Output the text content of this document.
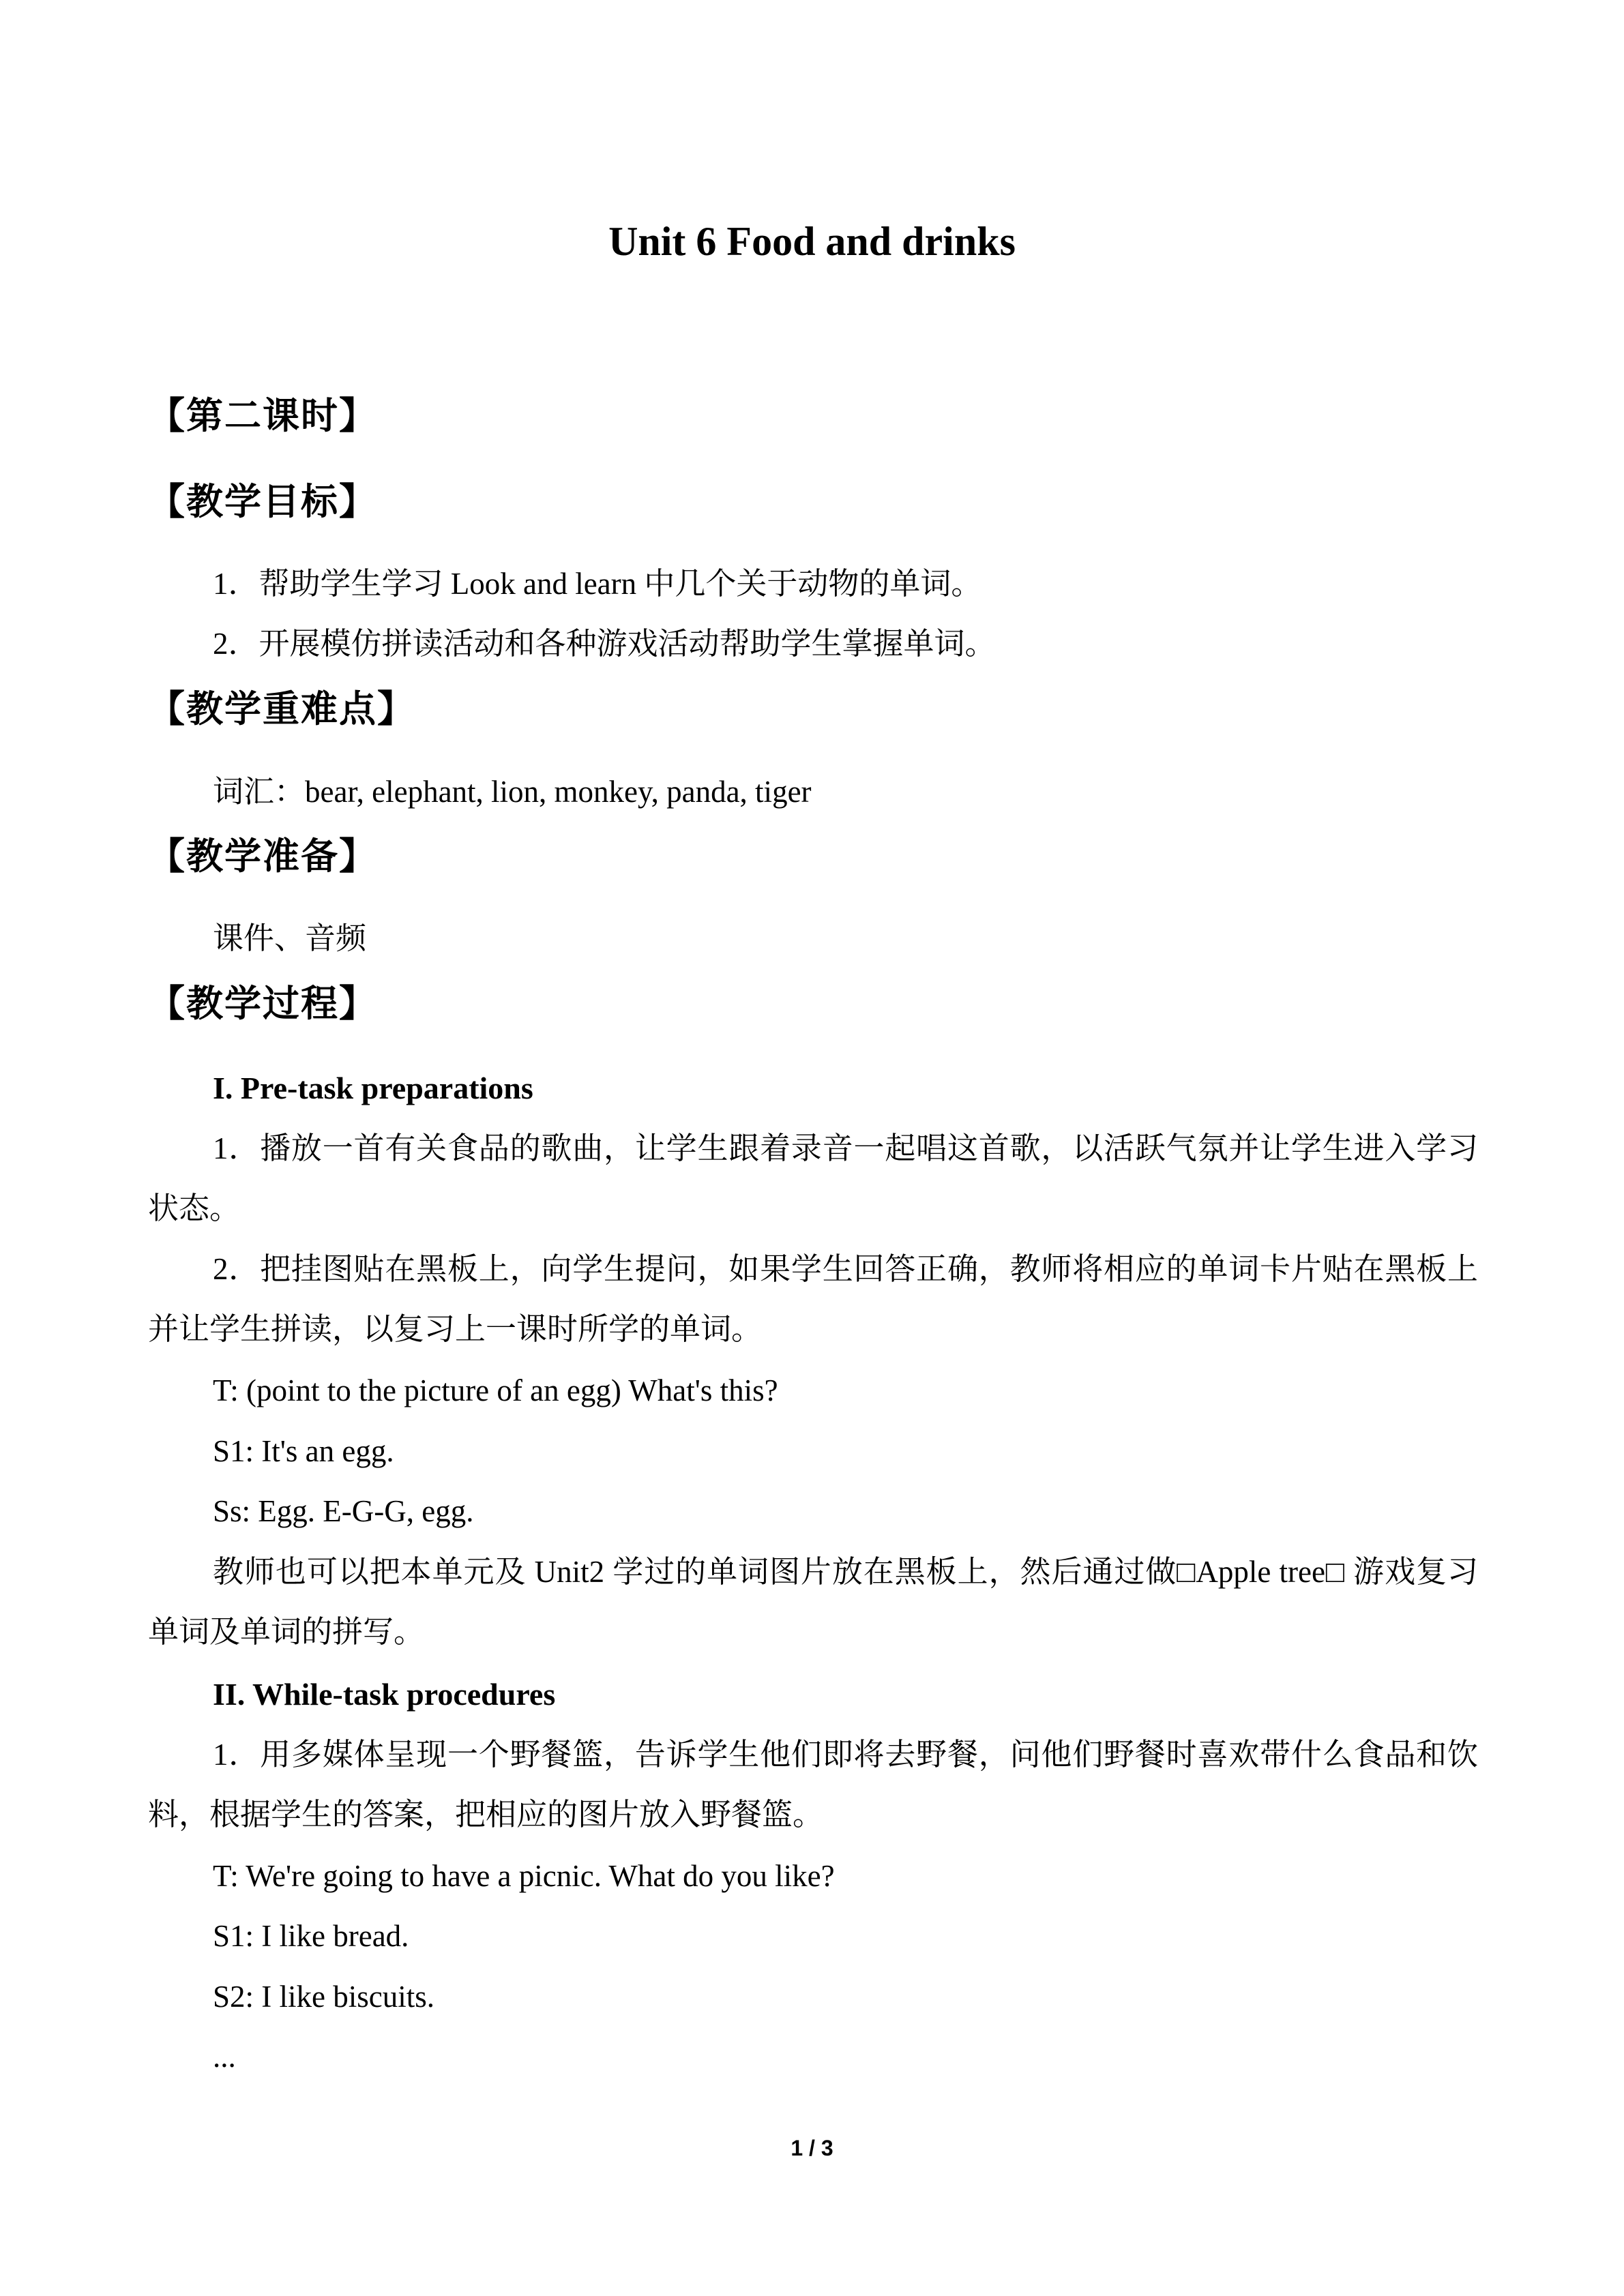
Unit 6 Food and drinks
【第二课时】
【教学目标】
1．帮助学生学习 Look and learn 中几个关于动物的单词。
2．开展模仿拼读活动和各种游戏活动帮助学生掌握单词。
【教学重难点】
词汇：bear, elephant, lion, monkey, panda, tiger
【教学准备】
课件、音频
【教学过程】
I. Pre-task preparations
1．播放一首有关食品的歌曲，让学生跟着录音一起唱这首歌，以活跃气氛并让学生进入学习状态。
2．把挂图贴在黑板上，向学生提问，如果学生回答正确，教师将相应的单词卡片贴在黑板上并让学生拼读，以复习上一课时所学的单词。
T: (point to the picture of an egg) What's this?
S1: It's an egg.
Ss: Egg. E-G-G, egg.
教师也可以把本单元及 Unit2 学过的单词图片放在黑板上，然后通过做□Apple tree□ 游戏复习单词及单词的拼写。
II. While-task procedures
1．用多媒体呈现一个野餐篮，告诉学生他们即将去野餐，问他们野餐时喜欢带什么食品和饮料，根据学生的答案，把相应的图片放入野餐篮。
T: We're going to have a picnic. What do you like?
S1: I like bread.
S2: I like biscuits.
...
1 / 3
